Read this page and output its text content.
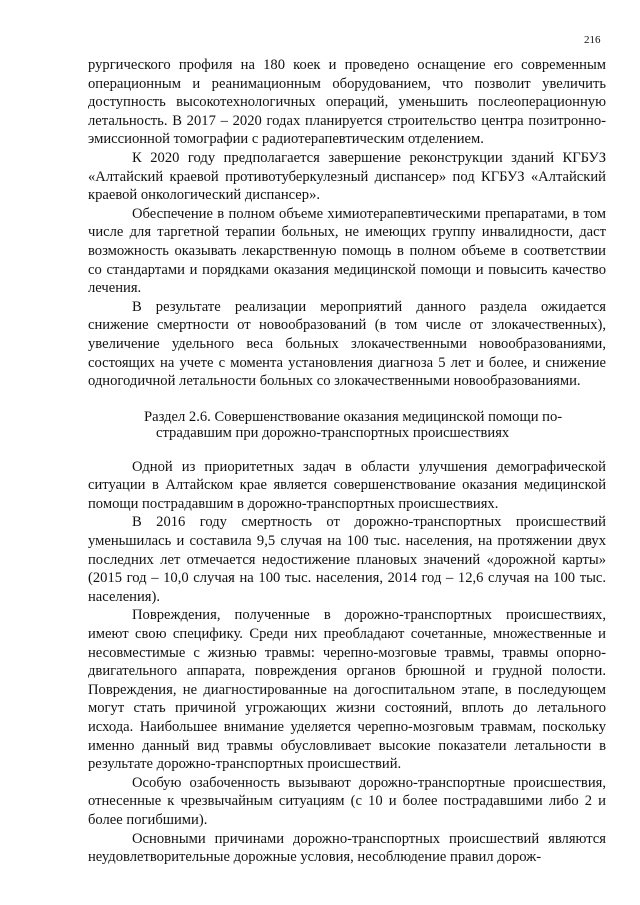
216

рургического профиля на 180 коек и проведено оснащение его современным операционным и реанимационным оборудованием, что позволит увеличить доступность высокотехнологичных операций, уменьшить послеоперационную летальность. В 2017 – 2020 годах планируется строительство центра позитронно-эмиссионной томографии с радиотерапевтическим отделением.

К 2020 году предполагается завершение реконструкции зданий КГБУЗ «Алтайский краевой противотуберкулезный диспансер» под КГБУЗ «Алтайский краевой онкологический диспансер».

Обеспечение в полном объеме химиотерапевтическими препаратами, в том числе для таргетной терапии больных, не имеющих группу инвалидности, даст возможность оказывать лекарственную помощь в полном объеме в соответствии со стандартами и порядками оказания медицинской помощи и повысить качество лечения.

В результате реализации мероприятий данного раздела ожидается снижение смертности от новообразований (в том числе от злокачественных), увеличение удельного веса больных злокачественными новообразованиями, состоящих на учете с момента установления диагноза 5 лет и более, и снижение одногодичной летальности больных со злокачественными новообразованиями.

Раздел 2.6. Совершенствование оказания медицинской помощи по-
страдавшим при дорожно-транспортных происшествиях

Одной из приоритетных задач в области улучшения демографической ситуации в Алтайском крае является совершенствование оказания медицинской помощи пострадавшим в дорожно-транспортных происшествиях.

В 2016 году смертность от дорожно-транспортных происшествий уменьшилась и составила 9,5 случая на 100 тыс. населения, на протяжении двух последних лет отмечается недостижение плановых значений «дорожной карты» (2015 год – 10,0 случая на 100 тыс. населения, 2014 год – 12,6 случая на 100 тыс. населения).

Повреждения, полученные в дорожно-транспортных происшествиях, имеют свою специфику. Среди них преобладают сочетанные, множественные и несовместимые с жизнью травмы: черепно-мозговые травмы, травмы опорно-двигательного аппарата, повреждения органов брюшной и грудной полости. Повреждения, не диагностированные на догоспитальном этапе, в последующем могут стать причиной угрожающих жизни состояний, вплоть до летального исхода. Наибольшее внимание уделяется черепно-мозговым травмам, поскольку именно данный вид травмы обусловливает высокие показатели летальности в результате дорожно-транспортных происшествий.

Особую озабоченность вызывают дорожно-транспортные происшествия, отнесенные к чрезвычайным ситуациям (с 10 и более пострадавшими либо 2 и более погибшими).

Основными причинами дорожно-транспортных происшествий являются неудовлетворительные дорожные условия, несоблюдение правил дорож-
